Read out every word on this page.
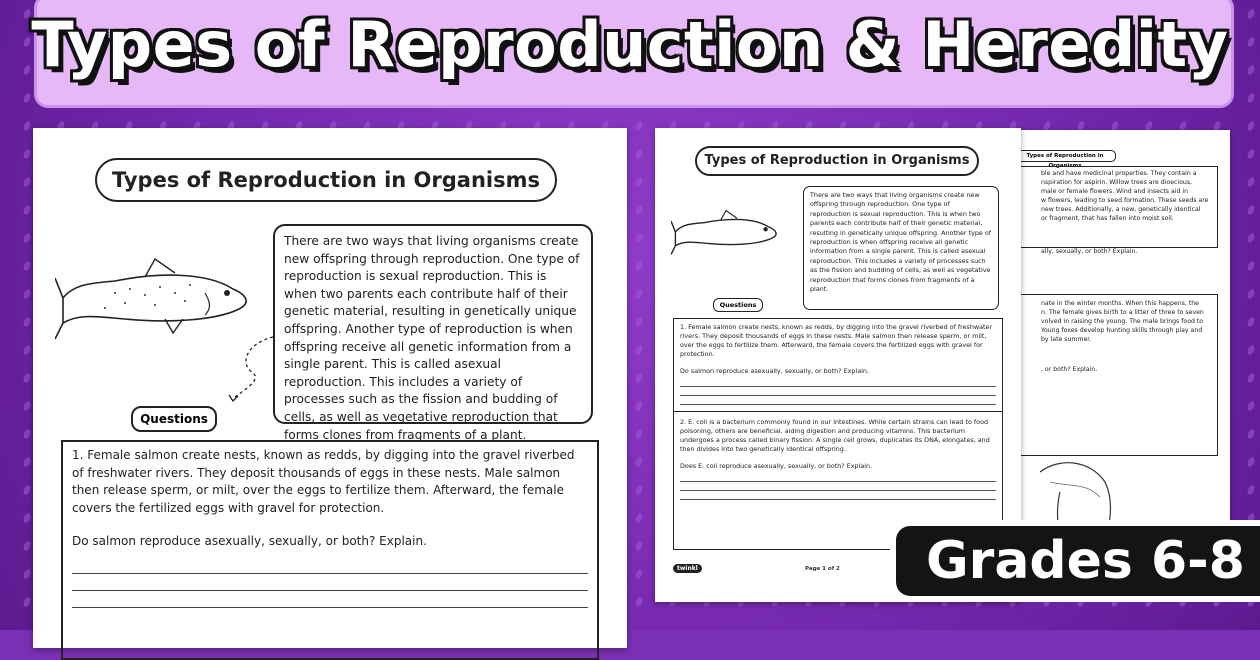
Types of Reproduction & Heredity
Types of Reproduction in Organisms
There are two ways that living organisms create new offspring through reproduction. One type of reproduction is sexual reproduction. This is when two parents each contribute half of their genetic material, resulting in genetically unique offspring. Another type of reproduction is when offspring receive all genetic information from a single parent. This is called asexual reproduction. This includes a variety of processes such as the fission and budding of cells, as well as vegetative reproduction that forms clones from fragments of a plant.
Questions

1. Female salmon create nests, known as redds, by digging into the gravel riverbed of freshwater rivers. They deposit thousands of eggs in these nests. Male salmon then release sperm, or milt, over the eggs to fertilize them. Afterward, the female covers the fertilized eggs with gravel for protection.

Do salmon reproduce asexually, sexually, or both? Explain.

Types of Reproduction in Organisms
ble and have medicinal properties. They contain a
nspiration for aspirin. Willow trees are dioecious,
male or female flowers. Wind and insects aid in
w flowers, leading to seed formation. These seeds are
new trees. Additionally, a new, genetically identical
or fragment, that has fallen into moist soil.
ally, sexually, or both? Explain.
nate in the winter months. When this happens, the
n. The female gives birth to a litter of three to seven
volved in raising the young. The male brings food to
Young foxes develop hunting skills through play and
by late summer.
, or both? Explain.
Types of Reproduction in Organisms
There are two ways that living organisms create new offspring through reproduction. One type of reproduction is sexual reproduction. This is when two parents each contribute half of their genetic material, resulting in genetically unique offspring. Another type of reproduction is when offspring receive all genetic information from a single parent. This is called asexual reproduction. This includes a variety of processes such as the fission and budding of cells, as well as vegetative reproduction that forms clones from fragments of a plant.
Questions

1. Female salmon create nests, known as redds, by digging into the gravel riverbed of freshwater rivers. They deposit thousands of eggs in these nests. Male salmon then release sperm, or milt, over the eggs to fertilize them. Afterward, the female covers the fertilized eggs with gravel for protection.

Do salmon reproduce asexually, sexually, or both? Explain.

2. E. coli is a bacterium commonly found in our intestines. While certain strains can lead to food poisoning, others are beneficial, aiding digestion and producing vitamins. This bacterium undergoes a process called binary fission. A single cell grows, duplicates its DNA, elongates, and then divides into two genetically identical offspring.

Does E. coli reproduce asexually, sexually, or both? Explain.

twinkl	Page 1 of 2	Grades 6-8
